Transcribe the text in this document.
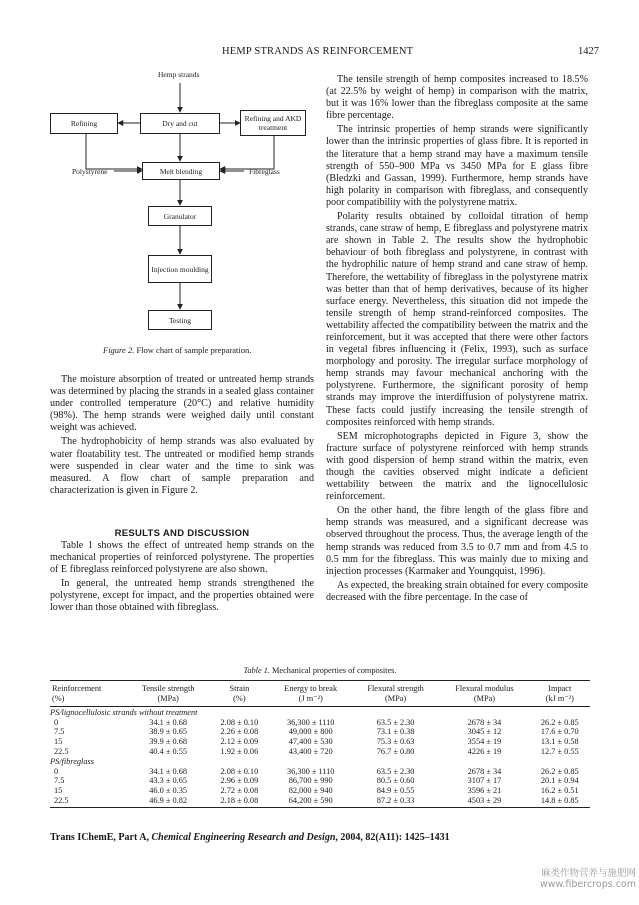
HEMP STRANDS AS REINFORCEMENT	1427
Hemp strands
Refining	Dry and cut
Refining and AKD treatment
Polystyrene	Melt blending	Fibreglass
Granulator
Injection moulding
Testing
Figure 2. Flow chart of sample preparation.

The moisture absorption of treated or untreated hemp strands was determined by placing the strands in a sealed glass container under controlled temperature (20°C) and relative humidity (98%). The hemp strands were weighed daily until constant weight was achieved.

The hydrophobicity of hemp strands was also evaluated by water floatability test. The untreated or modified hemp strands were suspended in clear water and the time to sink was measured. A flow chart of sample preparation and characterization is given in Figure 2.

RESULTS AND DISCUSSION

Table 1 shows the effect of untreated hemp strands on the mechanical properties of reinforced polystyrene. The properties of E fibreglass reinforced polystyrene are also shown.

In general, the untreated hemp strands strengthened the polystyrene, except for impact, and the properties obtained were lower than those obtained with fibreglass.

The tensile strength of hemp composites increased to 18.5% (at 22.5% by weight of hemp) in comparison with the matrix, but it was 16% lower than the fibreglass composite at the same fibre percentage.

The intrinsic properties of hemp strands were significantly lower than the intrinsic properties of glass fibre. It is reported in the literature that a hemp strand may have a maximum tensile strength of 550–900 MPa vs 3450 MPa for E glass fibre (Bledzki and Gassan, 1999). Furthermore, hemp strands have high polarity in comparison with fibreglass, and consequently poor compatibility with the polystyrene matrix.

Polarity results obtained by colloidal titration of hemp strands, cane straw of hemp, E fibreglass and polystyrene matrix are shown in Table 2. The results show the hydrophobic behaviour of both fibreglass and polystyrene, in contrast with the hydrophilic nature of hemp strand and cane straw of hemp. Therefore, the wettability of fibreglass in the polystyrene matrix was better than that of hemp derivatives, because of its higher surface energy. Nevertheless, this situation did not impede the tensile strength of hemp strand-reinforced composites. The wettability affected the compatibility between the matrix and the reinforcement, but it was accepted that there were other factors in vegetal fibres influencing it (Felix, 1993), such as surface morphology and porosity. The irregular surface morphology of hemp strands may favour mechanical anchoring with the polystyrene. Furthermore, the significant porosity of hemp strands may improve the interdiffusion of polystyrene matrix. These facts could justify increasing the tensile strength of composites reinforced with hemp strands.

SEM microphotographs depicted in Figure 3, show the fracture surface of polystyrene reinforced with hemp strands with good dispersion of hemp strand within the matrix, even though the cavities observed might indicate a deficient wettability between the matrix and the lignocellulosic reinforcement.

On the other hand, the fibre length of the glass fibre and hemp strands was measured, and a significant decrease was observed throughout the process. Thus, the average length of the hemp strands was reduced from 3.5 to 0.7 mm and from 4.5 to 0.5 mm for the fibreglass. This was mainly due to mixing and injection processes (Karmaker and Youngquist, 1996).

As expected, the breaking strain obtained for every composite decreased with the fibre percentage. In the case of

Table 1. Mechanical properties of composites.
Reinforcement	Tensile strength	Strain	Energy to break	Flexural strength	Flexural modulus	Impact
(%)	(MPa)	(%)	(J m⁻²)	(MPa)	(MPa)	(kJ m⁻²)
PS/lignocellulosic strands without treatment						
0	34.1 ± 0.68	2.08 ± 0.10	36,300 ± 1110	63.5 ± 2.30	2678 ± 34	26.2 ± 0.85
7.5	38.9 ± 0.65	2.26 ± 0.08	49,000 ± 800	73.1 ± 0.38	3045 ± 12	17.6 ± 0.70
15	39.9 ± 0.68	2.12 ± 0.09	47,400 ± 530	75.3 ± 0.63	3554 ± 19	13.1 ± 0.58
22.5	40.4 ± 0.55	1.92 ± 0.06	43,400 ± 720	76.7 ± 0.80	4226 ± 19	12.7 ± 0.55
PS/fibreglass						
0	34.1 ± 0.68	2.08 ± 0.10	36,300 ± 1110	63.5 ± 2.30	2678 ± 34	26.2 ± 0.85
7.5	43.3 ± 0.65	2.96 ± 0.09	86,700 ± 990	80.5 ± 0.60	3107 ± 17	20.1 ± 0.94
15	46.0 ± 0.35	2.72 ± 0.08	82,000 ± 940	84.9 ± 0.55	3596 ± 21	16.2 ± 0.51
22.5	46.9 ± 0.82	2.18 ± 0.08	64,200 ± 590	87.2 ± 0.33	4503 ± 29	14.8 ± 0.85
Trans IChemE, Part A, Chemical Engineering Research and Design, 2004, 82(A11): 1425–1431
麻类作物营养与施肥网
www.fibercrops.com
